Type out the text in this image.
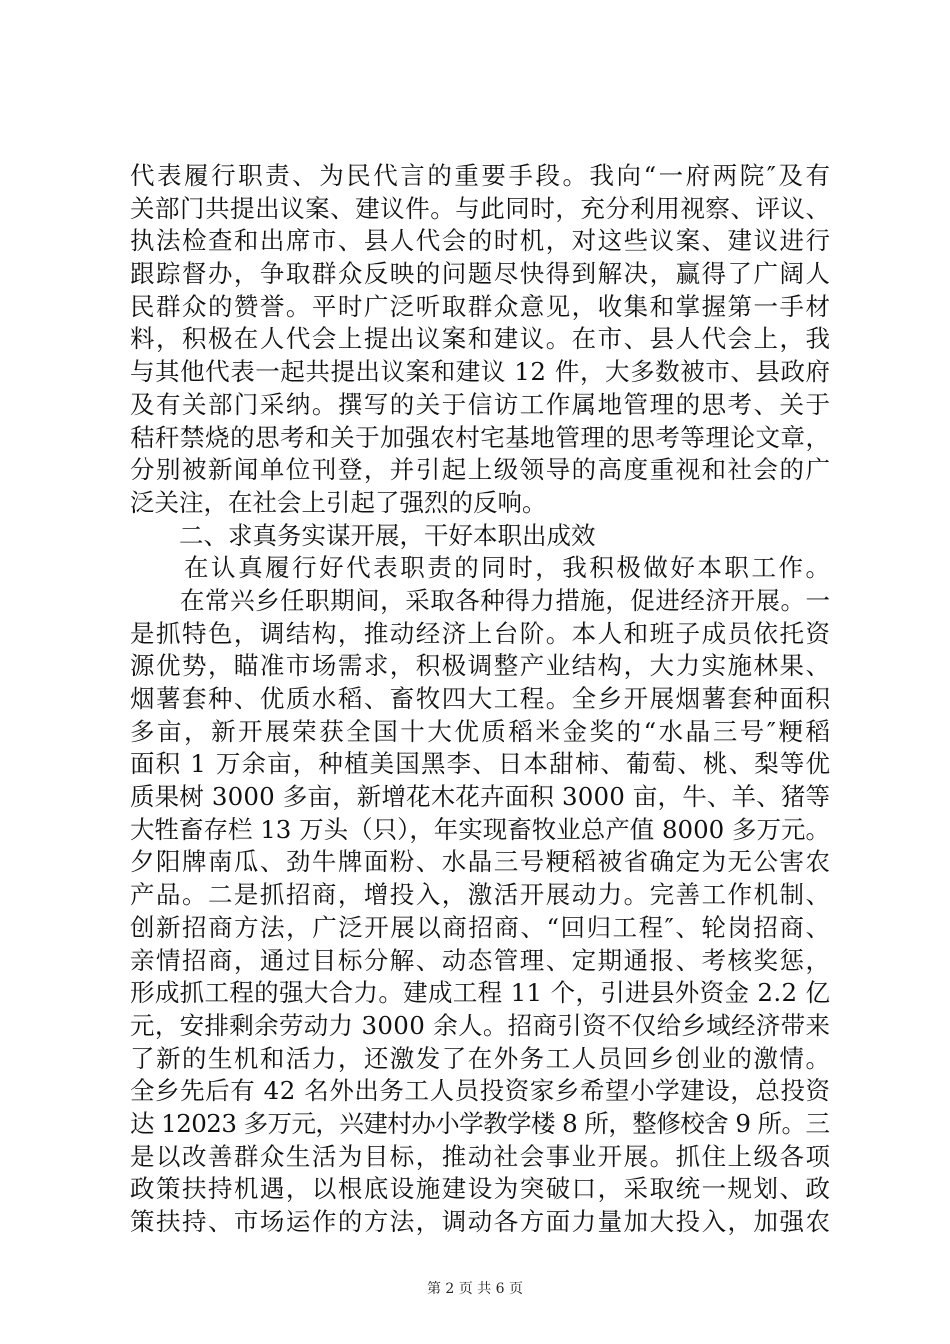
代表履行职责、为民代言的重要手段。我向“一府两院″及有
关部门共提出议案、建议件。与此同时，充分利用视察、评议、
执法检查和出席市、县人代会的时机，对这些议案、建议进行
跟踪督办，争取群众反映的问题尽快得到解决，赢得了广阔人
民群众的赞誉。平时广泛听取群众意见，收集和掌握第一手材
料，积极在人代会上提出议案和建议。在市、县人代会上，我
与其他代表一起共提出议案和建议 12 件，大多数被市、县政府
及有关部门采纳。撰写的关于信访工作属地管理的思考、关于
秸秆禁烧的思考和关于加强农村宅基地管理的思考等理论文章，
分别被新闻单位刊登，并引起上级领导的高度重视和社会的广
泛关注，在社会上引起了强烈的反响。
　　二、求真务实谋开展，干好本职出成效
　　在认真履行好代表职责的同时，我积极做好本职工作。
　　在常兴乡任职期间，采取各种得力措施，促进经济开展。一
是抓特色，调结构，推动经济上台阶。本人和班子成员依托资
源优势，瞄准市场需求，积极调整产业结构，大力实施林果、
烟薯套种、优质水稻、畜牧四大工程。全乡开展烟薯套种面积
多亩，新开展荣获全国十大优质稻米金奖的“水晶三号″粳稻
面积 1 万余亩，种植美国黑李、日本甜柿、葡萄、桃、梨等优
质果树 3000 多亩，新增花木花卉面积 3000 亩，牛、羊、猪等
大牲畜存栏 13 万头（只），年实现畜牧业总产值 8000 多万元。
夕阳牌南瓜、劲牛牌面粉、水晶三号粳稻被省确定为无公害农
产品。二是抓招商，增投入，激活开展动力。完善工作机制、
创新招商方法，广泛开展以商招商、“回归工程″、轮岗招商、
亲情招商，通过目标分解、动态管理、定期通报、考核奖惩，
形成抓工程的强大合力。建成工程 11 个，引进县外资金 2.2 亿
元，安排剩余劳动力 3000 余人。招商引资不仅给乡域经济带来
了新的生机和活力，还激发了在外务工人员回乡创业的激情。
全乡先后有 42 名外出务工人员投资家乡希望小学建设，总投资
达 12023 多万元，兴建村办小学教学楼 8 所，整修校舍 9 所。三
是以改善群众生活为目标，推动社会事业开展。抓住上级各项
政策扶持机遇，以根底设施建设为突破口，采取统一规划、政
策扶持、市场运作的方法，调动各方面力量加大投入，加强农
第 2 页 共 6 页
